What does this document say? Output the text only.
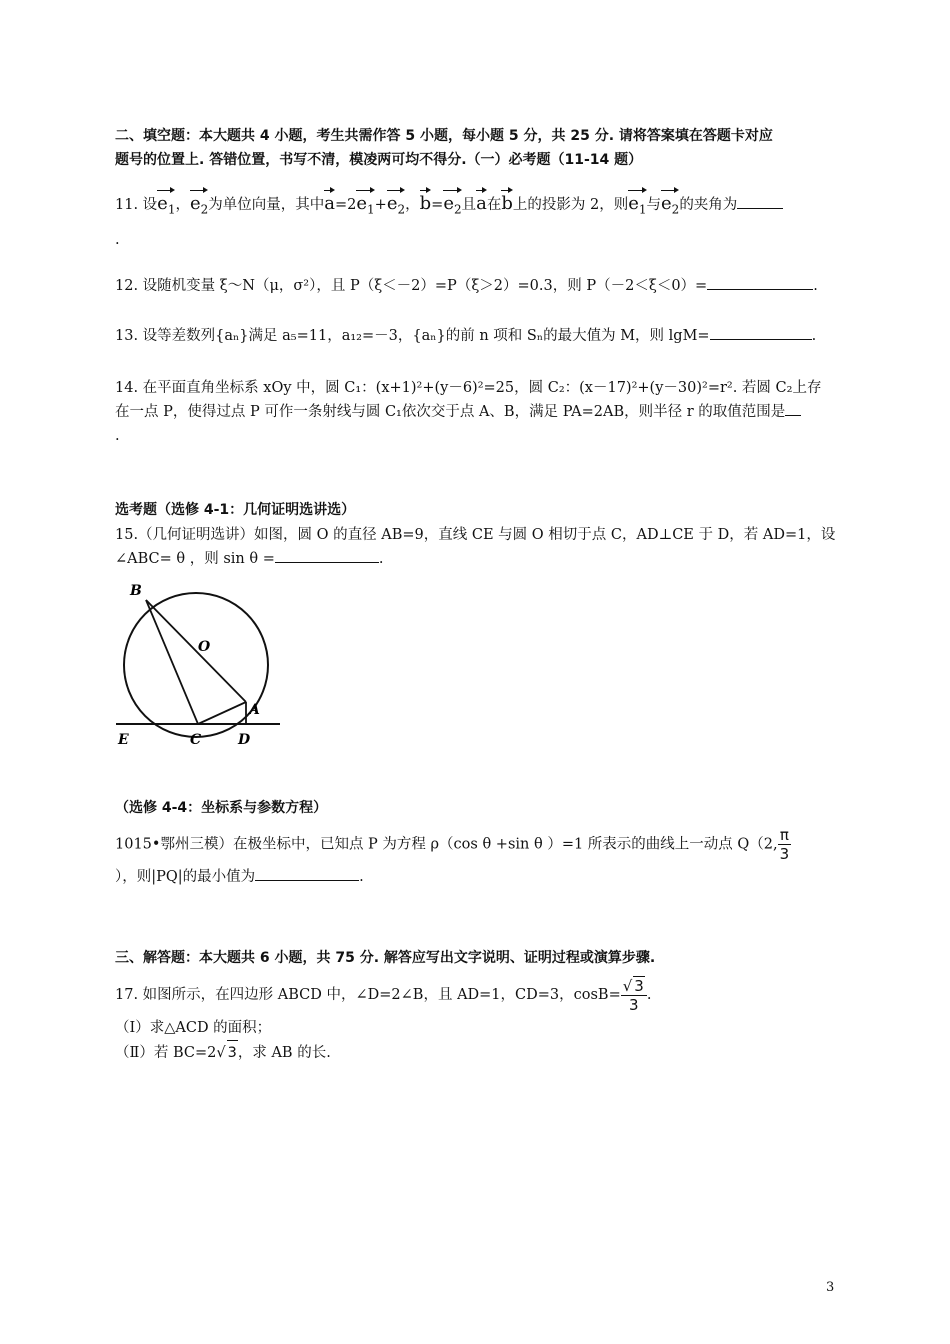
二、填空题：本大题共 4 小题，考生共需作答 5 小题，每小题 5 分，共 25 分. 请将答案填在答题卡对应
题号的位置上. 答错位置，书写不清，模凌两可均不得分.（一）必考题（11-14 题）
11. 设$e_1$，$e_2$为单位向量，其中$a=2e_1+e_2$，$b=e_2$且a在b上的投影为 2，则$e_1$与$e_2$的夹角为
.
12. 设随机变量 ξ～N（μ，σ²），且 P（ξ＜－2）=P（ξ＞2）=0.3，则 P（－2＜ξ＜0）=	.
13. 设等差数列{aₙ}满足 a₅=11，a₁₂=－3，{aₙ}的前 n 项和 Sₙ的最大值为 M，则 lgM=	.
14. 在平面直角坐标系 xOy 中，圆 C₁：(x+1)²+(y－6)²=25，圆 C₂：(x－17)²+(y－30)²=r². 若圆 C₂上存
在一点 P，使得过点 P 可作一条射线与圆 C₁依次交于点 A、B，满足 PA=2AB，则半径 r 的取值范围是
.
选考题（选修 4-1：几何证明选讲选）
15.（几何证明选讲）如图，圆 O 的直径 AB=9，直线 CE 与圆 O 相切于点 C，AD⊥CE 于 D，若 AD=1，设
∠ABC= θ ，则 sin θ =	.
B
O
A
E	C	D
（选修 4-4：坐标系与参数方程）
1015•鄂州三模）在极坐标中，已知点 P 为方程 ρ（cos θ +sin θ ）=1 所表示的曲线上一动点 Q（2, $\frac{\pi}{3}$
），则|PQ|的最小值为	.
三、解答题：本大题共 6 小题，共 75 分. 解答应写出文字说明、证明过程或演算步骤.
17. 如图所示，在四边形 ABCD 中，∠D=2∠B，且 AD=1，CD=3，$\cos B= \frac{√ 3}{3}$ .
（Ⅰ）求△ACD 的面积；
（Ⅱ）若 BC=2√ 3，求 AB 的长.
3
